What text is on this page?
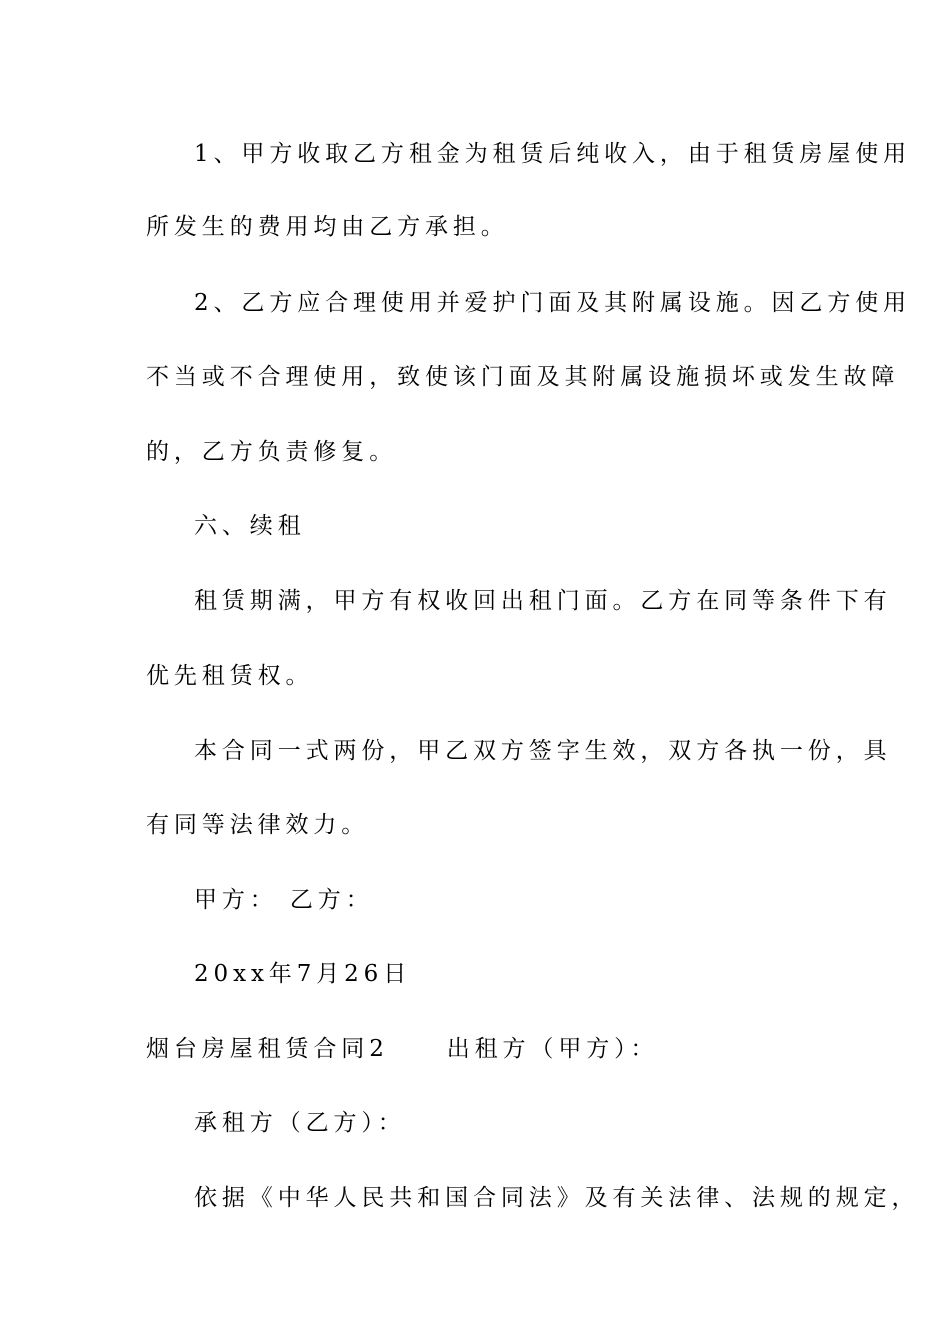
1、甲方收取乙方租金为租赁后纯收入，由于租赁房屋使用
所发生的费用均由乙方承担。
2、乙方应合理使用并爱护门面及其附属设施。因乙方使用
不当或不合理使用，致使该门面及其附属设施损坏或发生故障
的，乙方负责修复。
六、续租
租赁期满，甲方有权收回出租门面。乙方在同等条件下有
优先租赁权。
本合同一式两份，甲乙双方签字生效，双方各执一份，具
有同等法律效力。
甲方： 乙方：
20xx年7月26日
烟台房屋租赁合同2	出租方（甲方）：
承租方（乙方）：
依据《中华人民共和国合同法》及有关法律、法规的规定，
